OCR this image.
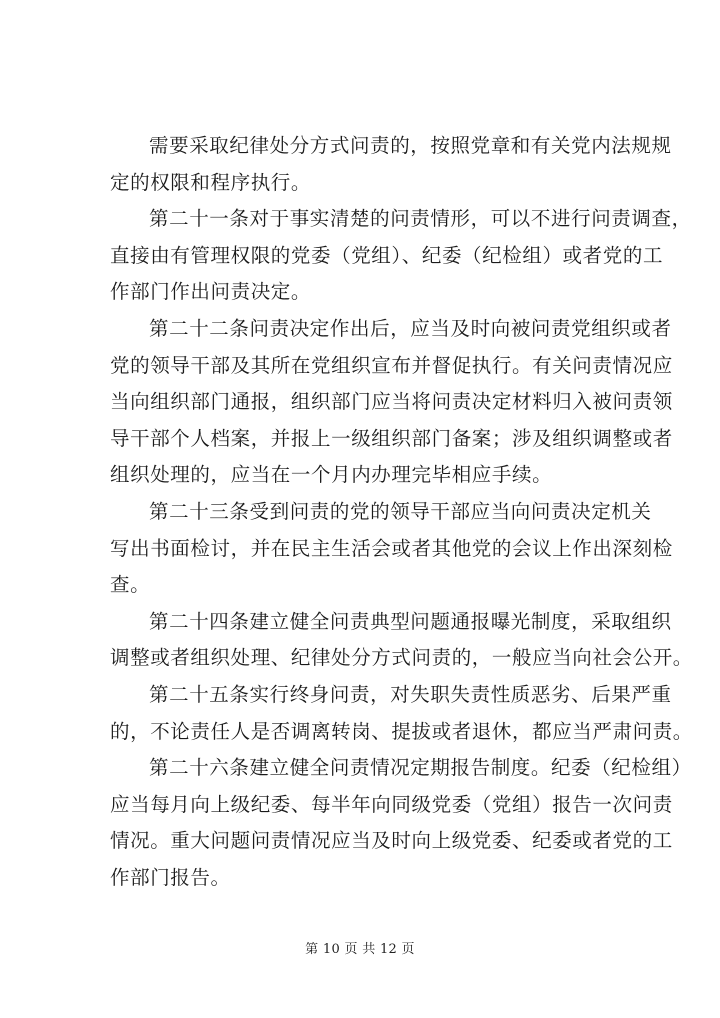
需要采取纪律处分方式问责的，按照党章和有关党内法规规
定的权限和程序执行。
第二十一条对于事实清楚的问责情形，可以不进行问责调查，
直接由有管理权限的党委（党组）、纪委（纪检组）或者党的工
作部门作出问责决定。
第二十二条问责决定作出后，应当及时向被问责党组织或者
党的领导干部及其所在党组织宣布并督促执行。有关问责情况应
当向组织部门通报，组织部门应当将问责决定材料归入被问责领
导干部个人档案，并报上一级组织部门备案；涉及组织调整或者
组织处理的，应当在一个月内办理完毕相应手续。
第二十三条受到问责的党的领导干部应当向问责决定机关
写出书面检讨，并在民主生活会或者其他党的会议上作出深刻检
查。
第二十四条建立健全问责典型问题通报曝光制度，采取组织
调整或者组织处理、纪律处分方式问责的，一般应当向社会公开。
第二十五条实行终身问责，对失职失责性质恶劣、后果严重
的，不论责任人是否调离转岗、提拔或者退休，都应当严肃问责。
第二十六条建立健全问责情况定期报告制度。纪委（纪检组）
应当每月向上级纪委、每半年向同级党委（党组）报告一次问责
情况。重大问题问责情况应当及时向上级党委、纪委或者党的工
作部门报告。
第 10 页 共 12 页
